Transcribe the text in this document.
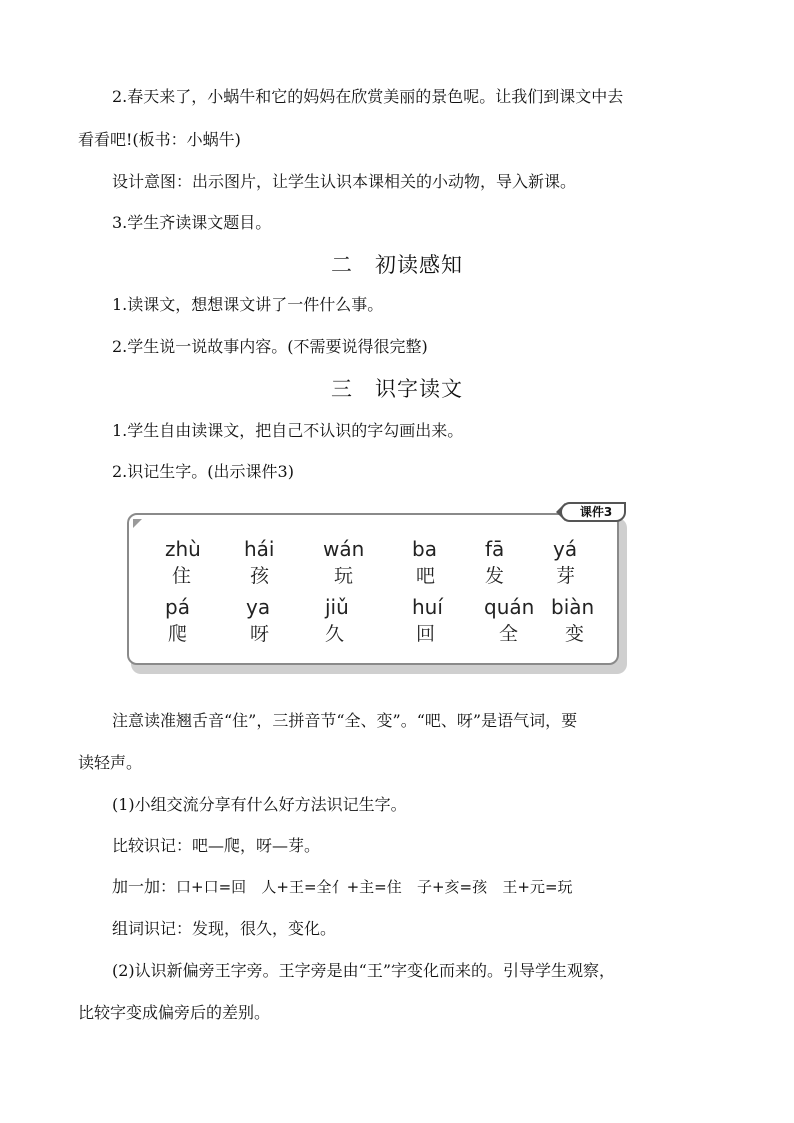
2.春天来了，小蜗牛和它的妈妈在欣赏美丽的景色呢。让我们到课文中去
看看吧!(板书：小蜗牛)
设计意图：出示图片，让学生认识本课相关的小动物，导入新课。
3.学生齐读课文题目。
二　初读感知
1.读课文，想想课文讲了一件什么事。
2.学生说一说故事内容。(不需要说得很完整)
三　识字读文
1.学生自由读课文，把自己不认识的字勾画出来。
2.识记生字。(出示课件3)
课件3
zhù
住
hái
孩
wán
玩
ba
吧
fā
发
yá
芽
pá
爬
ya
呀
jiǔ
久
huí
回
quán
全
biàn
变
注意读准翘舌音“住”，三拼音节“全、变”。“吧、呀”是语气词，要
读轻声。
(1)小组交流分享有什么好方法识记生字。
比较识记：吧—爬，呀—芽。
加一加：口+口=回 人+王=全亻+主=住 子+亥=孩 王+元=玩
组词识记：发现，很久，变化。
(2)认识新偏旁王字旁。王字旁是由“王”字变化而来的。引导学生观察，
比较字变成偏旁后的差别。
